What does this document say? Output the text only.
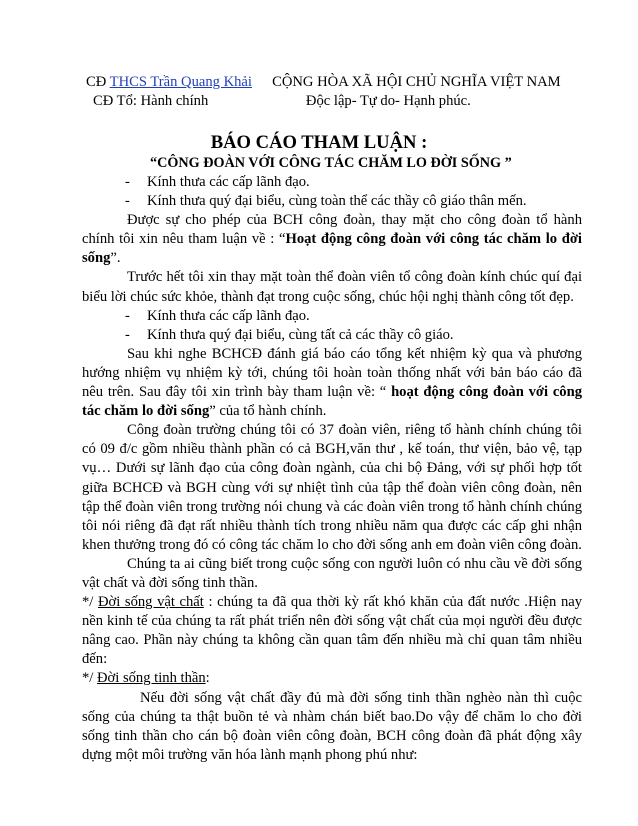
CĐ THCS Trần Quang Khải	CỘNG HÒA XÃ HỘI CHỦ NGHĨA VIỆT NAM
CĐ Tổ: Hành chính	Độc lập- Tự do- Hạnh phúc.
BÁO CÁO THAM LUẬN :
“CÔNG ĐOÀN VỚI CÔNG TÁC CHĂM LO ĐỜI SỐNG ”

- Kính thưa các cấp lãnh đạo.

- Kính thưa quý đại biểu, cùng toàn thể các thầy cô giáo thân mến.

Được sự cho phép của BCH công đoàn, thay mặt cho công đoàn tổ hành chính tôi xin nêu tham luận về : “Hoạt động công đoàn với công tác chăm lo đời sống”.

Trước hết tôi xin thay mặt toàn thể đoàn viên tổ công đoàn kính chúc quí đại biểu lời chúc sức khỏe, thành đạt trong cuộc sống, chúc hội nghị thành công tốt đẹp.

- Kính thưa các cấp lãnh đạo.

- Kính thưa quý đại biểu, cùng tất cả các thầy cô giáo.

Sau khi nghe BCHCĐ đánh giá báo cáo tổng kết nhiệm kỳ qua và phương hướng nhiệm vụ nhiệm kỳ tới, chúng tôi hoàn toàn thống nhất với bản báo cáo đã nêu trên. Sau đây tôi xin trình bày tham luận về: “ hoạt động công đoàn với công tác chăm lo đời sống” của tổ hành chính.

Công đoàn trường chúng tôi có 37 đoàn viên, riêng tổ hành chính chúng tôi có 09 đ/c gồm nhiều thành phần có cả BGH,văn thư , kế toán, thư viện, bảo vệ, tạp vụ… Dưới sự lãnh đạo của công đoàn ngành, của chi bộ Đảng, với sự phối hợp tốt giữa BCHCĐ và BGH cùng với sự nhiệt tình của tập thể đoàn viên công đoàn, nên tập thể đoàn viên trong trường nói chung và các đoàn viên trong tổ hành chính chúng tôi nói riêng đã đạt rất nhiều thành tích trong nhiều năm qua được các cấp ghi nhận khen thưởng trong đó có công tác chăm lo cho đời sống anh em đoàn viên công đoàn.

Chúng ta ai cũng biết trong cuộc sống con người luôn có nhu cầu về đời sống vật chất và đời sống tinh thần.

*/ Đời sống vật chất : chúng ta đã qua thời kỳ rất khó khăn của đất nước .Hiện nay nền kinh tế của chúng ta rất phát triển nên đời sống vật chất của mọi người đều được nâng cao. Phần này chúng ta không cần quan tâm đến nhiều mà chỉ quan tâm nhiều đến:

*/ Đời sống tinh thần:

Nếu đời sống vật chất đầy đủ mà đời sống tinh thần nghèo nàn thì cuộc sống của chúng ta thật buồn tẻ và nhàm chán biết bao.Do vậy để chăm lo cho đời sống tinh thần cho cán bộ đoàn viên công đoàn, BCH công đoàn đã phát động xây dựng một môi trường văn hóa lành mạnh phong phú như:
